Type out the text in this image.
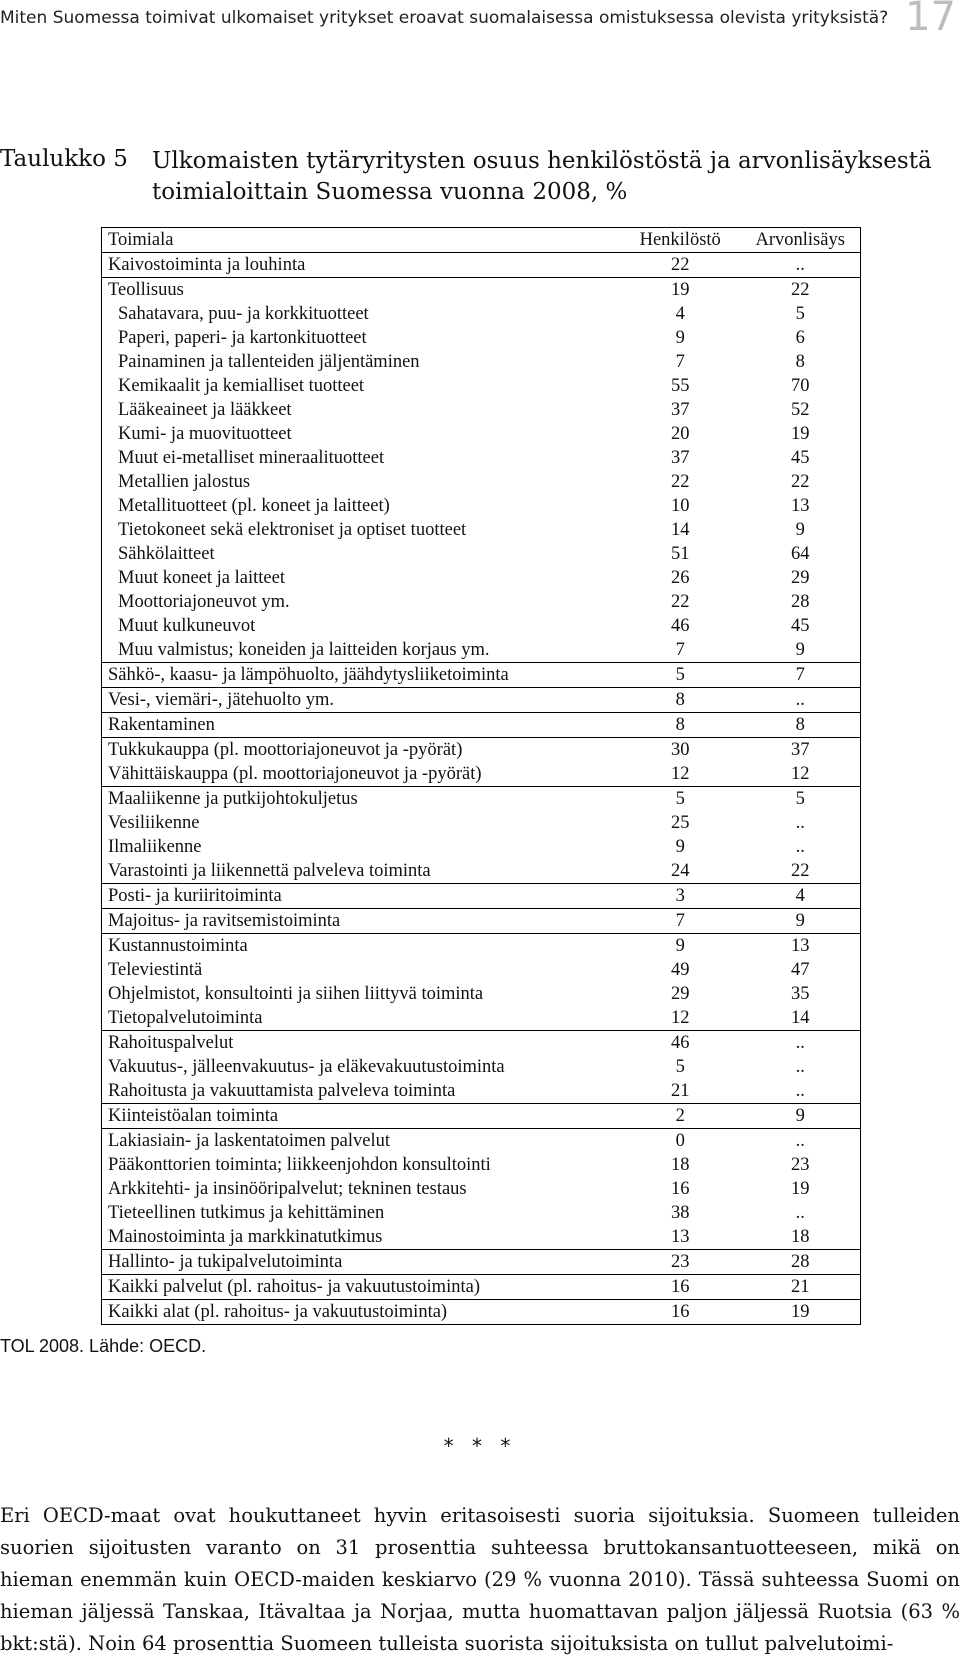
Miten Suomessa toimivat ulkomaiset yritykset eroavat suomalaisessa omistuksessa olevista yrityksistä? 17
Taulukko 5 Ulkomaisten tytäryritysten osuus henkilöstöstä ja arvonlisäyksestä toimialoittain Suomessa vuonna 2008, %
Toimiala	Henkilöstö	Arvonlisäys
Kaivostoiminta ja louhinta	22	..
Teollisuus	19	22
Sahatavara, puu- ja korkkituotteet	4	5
Paperi, paperi- ja kartonkituotteet	9	6
Painaminen ja tallenteiden jäljentäminen	7	8
Kemikaalit ja kemialliset tuotteet	55	70
Lääkeaineet ja lääkkeet	37	52
Kumi- ja muovituotteet	20	19
Muut ei-metalliset mineraalituotteet	37	45
Metallien jalostus	22	22
Metallituotteet (pl. koneet ja laitteet)	10	13
Tietokoneet sekä elektroniset ja optiset tuotteet	14	9
Sähkölaitteet	51	64
Muut koneet ja laitteet	26	29
Moottoriajoneuvot ym.	22	28
Muut kulkuneuvot	46	45
Muu valmistus; koneiden ja laitteiden korjaus ym.	7	9
Sähkö-, kaasu- ja lämpöhuolto, jäähdytysliiketoiminta	5	7
Vesi-, viemäri-, jätehuolto ym.	8	..
Rakentaminen	8	8
Tukkukauppa (pl. moottoriajoneuvot ja -pyörät)	30	37
Vähittäiskauppa (pl. moottoriajoneuvot ja -pyörät)	12	12
Maaliikenne ja putkijohtokuljetus	5	5
Vesiliikenne	25	..
Ilmaliikenne	9	..
Varastointi ja liikennettä palveleva toiminta	24	22
Posti- ja kuriiritoiminta	3	4
Majoitus- ja ravitsemistoiminta	7	9
Kustannustoiminta	9	13
Televiestintä	49	47
Ohjelmistot, konsultointi ja siihen liittyvä toiminta	29	35
Tietopalvelutoiminta	12	14
Rahoituspalvelut	46	..
Vakuutus-, jälleenvakuutus- ja eläkevakuutustoiminta	5	..
Rahoitusta ja vakuuttamista palveleva toiminta	21	..
Kiinteistöalan toiminta	2	9
Lakiasiain- ja laskentatoimen palvelut	0	..
Pääkonttorien toiminta; liikkeenjohdon konsultointi	18	23
Arkkitehti- ja insinööripalvelut; tekninen testaus	16	19
Tieteellinen tutkimus ja kehittäminen	38	..
Mainostoiminta ja markkinatutkimus	13	18
Hallinto- ja tukipalvelutoiminta	23	28
Kaikki palvelut (pl. rahoitus- ja vakuutustoiminta)	16	21
Kaikki alat (pl. rahoitus- ja vakuutustoiminta)	16	19
TOL 2008. Lähde: OECD.
* * *
Eri OECD-maat ovat houkuttaneet hyvin eritasoisesti suoria sijoituksia. Suomeen tulleiden suorien sijoitusten varanto on 31 prosenttia suhteessa bruttokansantuotteeseen, mikä on hieman enemmän kuin OECD-maiden keskiarvo (29 % vuonna 2010). Tässä suhteessa Suomi on hieman jäljessä Tanskaa, Itävaltaa ja Norjaa, mutta huomattavan paljon jäljessä Ruotsia (63 % bkt:stä). Noin 64 prosenttia Suomeen tulleista suorista sijoituksista on tullut palvelutoimi-
